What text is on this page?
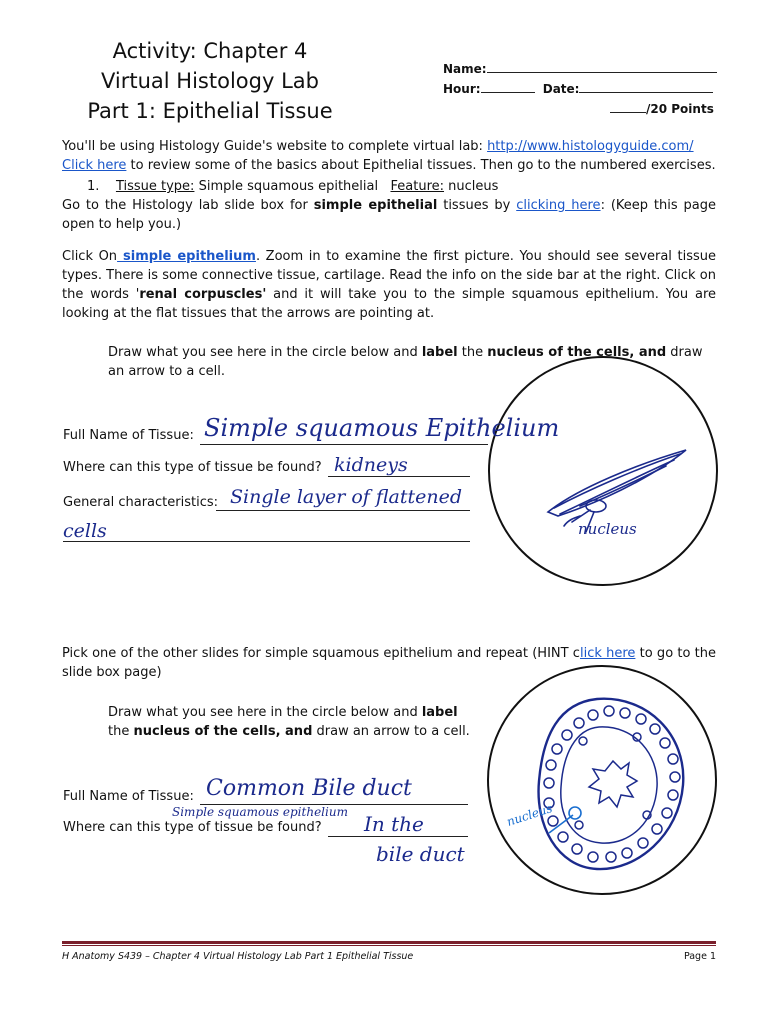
Activity: Chapter 4
Virtual Histology Lab
Part 1: Epithelial Tissue
Name:
Hour:	Date:
/20 Points
You'll be using Histology Guide's website to complete virtual lab: http://www.histologyguide.com/
Click here to review some of the basics about Epithelial tissues. Then go to the numbered exercises.
1. Tissue type: Simple squamous epithelial Feature: nucleus
Go to the Histology lab slide box for simple epithelial tissues by clicking here: (Keep this page open to help you.)
Click On simple epithelium. Zoom in to examine the first picture. You should see several tissue types. There is some connective tissue, cartilage. Read the info on the side bar at the right. Click on the words 'renal corpuscles' and it will take you to the simple squamous epithelium. You are looking at the flat tissues that the arrows are pointing at.
Draw what you see here in the circle below and label the nucleus of the cells, and draw an arrow to a cell.
nucleus
Full Name of Tissue: Simple squamous Epithelium
Where can this type of tissue be found? kidneys
General characteristics: Single layer of flattened
cells
Pick one of the other slides for simple squamous epithelium and repeat (HINT click here to go to the slide box page)
Draw what you see here in the circle below and label the nucleus of the cells, and draw an arrow to a cell.
nucleus
Full Name of Tissue: Common Bile duct
Simple squamous epithelium
Where can this type of tissue be found? In the
bile duct
H Anatomy S439 – Chapter 4 Virtual Histology Lab Part 1 Epithelial Tissue	Page 1
